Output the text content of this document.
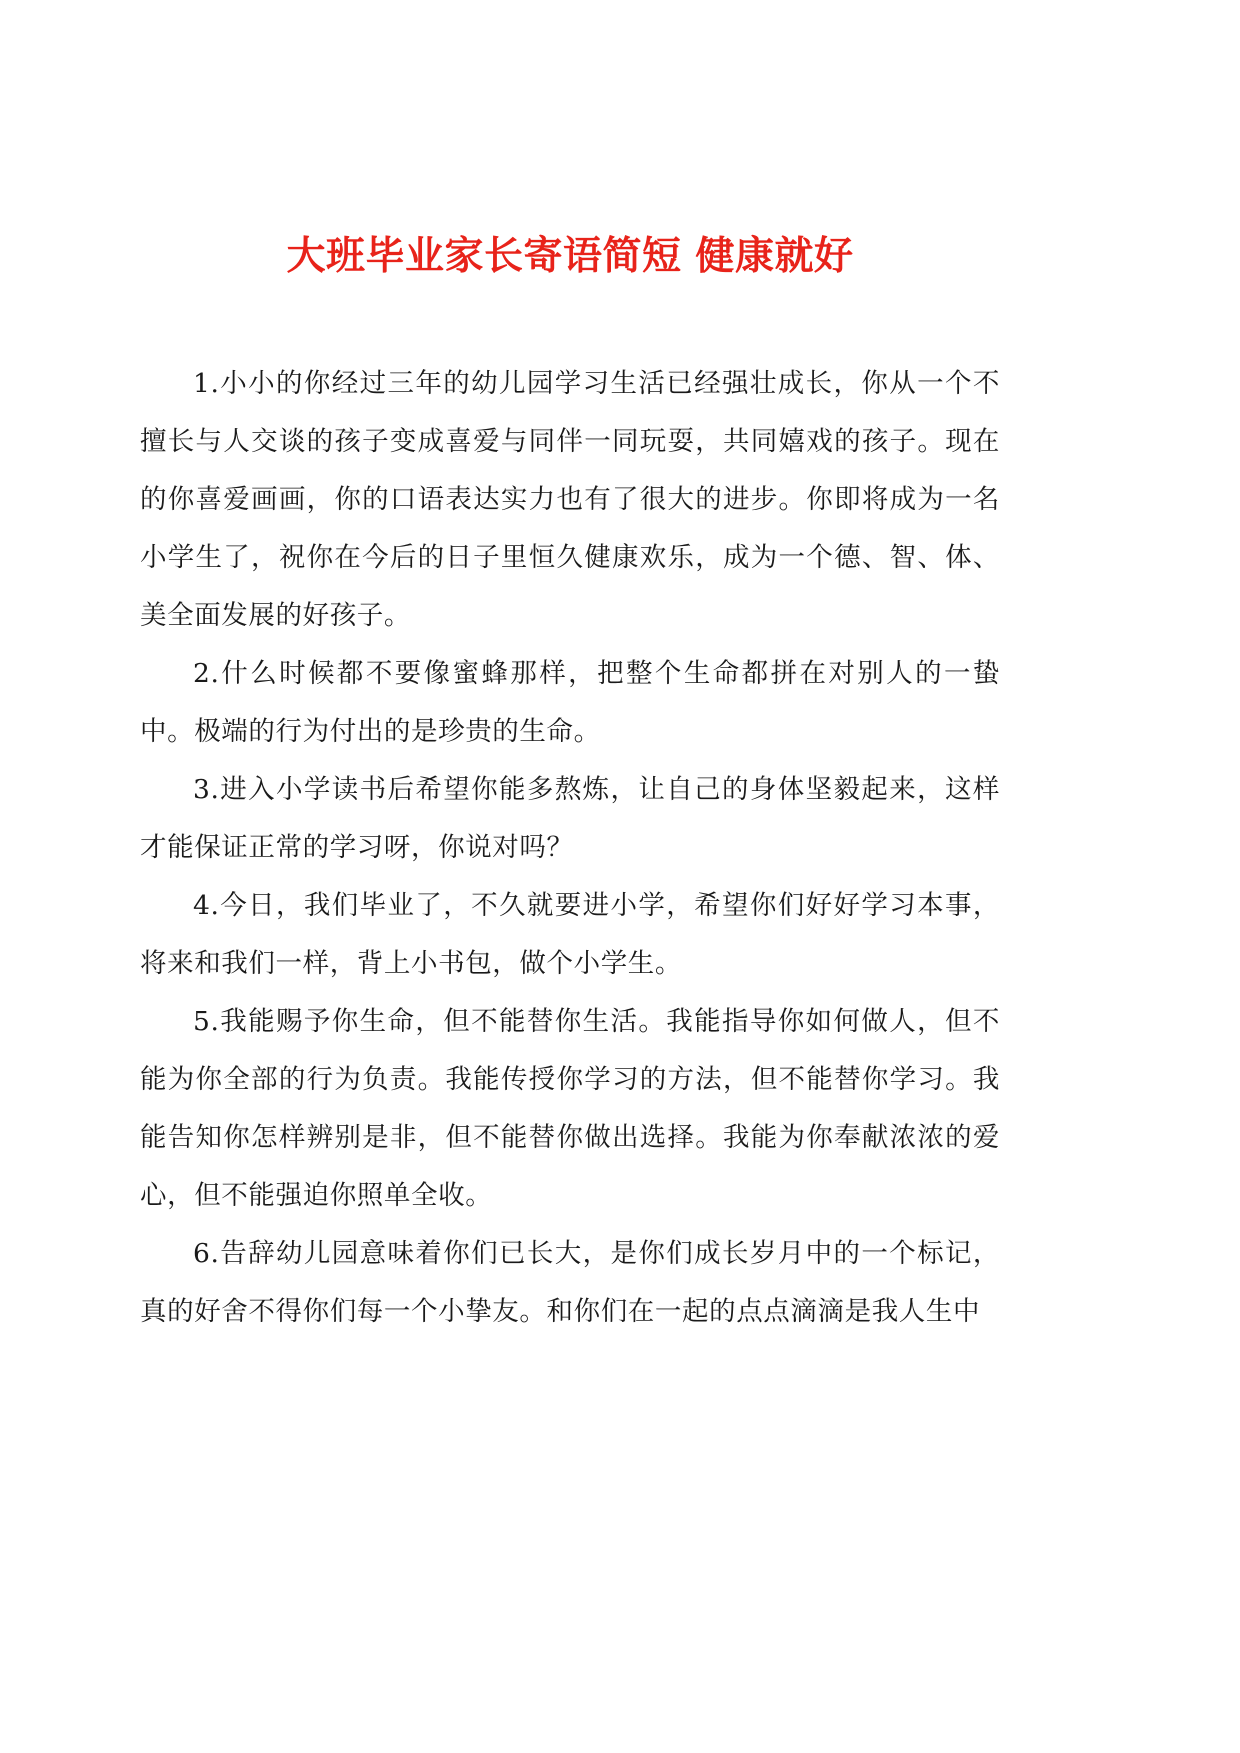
大班毕业家长寄语简短 健康就好

1.小小的你经过三年的幼儿园学习生活已经强壮成长，你从一个不擅长与人交谈的孩子变成喜爱与同伴一同玩耍，共同嬉戏的孩子。现在的你喜爱画画，你的口语表达实力也有了很大的进步。你即将成为一名小学生了，祝你在今后的日子里恒久健康欢乐，成为一个德、智、体、美全面发展的好孩子。

2.什么时候都不要像蜜蜂那样，把整个生命都拼在对别人的一蛰中。极端的行为付出的是珍贵的生命。

3.进入小学读书后希望你能多熬炼，让自己的身体坚毅起来，这样才能保证正常的学习呀，你说对吗？

4.今日，我们毕业了，不久就要进小学，希望你们好好学习本事，将来和我们一样，背上小书包，做个小学生。

5.我能赐予你生命，但不能替你生活。我能指导你如何做人，但不能为你全部的行为负责。我能传授你学习的方法，但不能替你学习。我能告知你怎样辨别是非，但不能替你做出选择。我能为你奉献浓浓的爱心，但不能强迫你照单全收。

6.告辞幼儿园意味着你们已长大，是你们成长岁月中的一个标记，真的好舍不得你们每一个小挚友。和你们在一起的点点滴滴是我人生中
